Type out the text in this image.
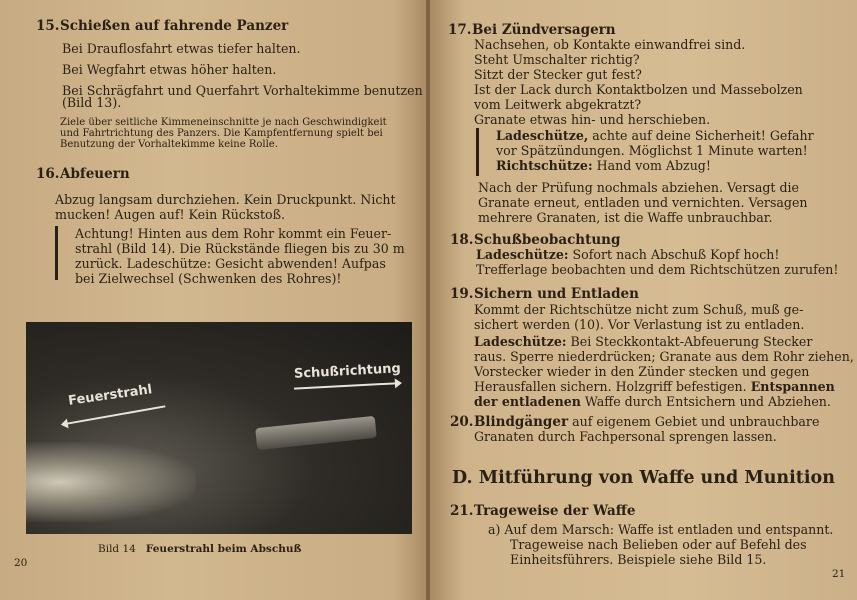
15.Schießen auf fahrende Panzer
Bei Drauflosfahrt etwas tiefer halten.
Bei Wegfahrt etwas höher halten.
Bei Schrägfahrt und Querfahrt Vorhaltekimme benutzen
(Bild 13).
Ziele über seitliche Kimmeneinschnitte je nach Geschwindigkeit
und Fahrtrichtung des Panzers. Die Kampfentfernung spielt bei
Benutzung der Vorhaltekimme keine Rolle.
16.Abfeuern
Abzug langsam durchziehen. Kein Druckpunkt. Nicht
mucken! Augen auf! Kein Rückstoß.
Achtung! Hinten aus dem Rohr kommt ein Feuer-
strahl (Bild 14). Die Rückstände fliegen bis zu 30 m
zurück. Ladeschütze: Gesicht abwenden! Aufpas
bei Zielwechsel (Schwenken des Rohres)!
Feuerstrahl
Schußrichtung
Bild 14 Feuerstrahl beim Abschuß
20
17.Bei Zündversagern
Nachsehen, ob Kontakte einwandfrei sind.
Steht Umschalter richtig?
Sitzt der Stecker gut fest?
Ist der Lack durch Kontaktbolzen und Massebolzen
vom Leitwerk abgekratzt?
Granate etwas hin- und herschieben.
Ladeschütze, achte auf deine Sicherheit! Gefahr
vor Spätzündungen. Möglichst 1 Minute warten!
Richtschütze: Hand vom Abzug!
Nach der Prüfung nochmals abziehen. Versagt die
Granate erneut, entladen und vernichten. Versagen
mehrere Granaten, ist die Waffe unbrauchbar.
18.Schußbeobachtung
Ladeschütze: Sofort nach Abschuß Kopf hoch!
Trefferlage beobachten und dem Richtschützen zurufen!
19.Sichern und Entladen
Kommt der Richtschütze nicht zum Schuß, muß ge-
sichert werden (10). Vor Verlastung ist zu entladen.
Ladeschütze: Bei Steckkontakt-Abfeuerung Stecker
raus. Sperre niederdrücken; Granate aus dem Rohr ziehen,
Vorstecker wieder in den Zünder stecken und gegen
Herausfallen sichern. Holzgriff befestigen. Entspannen
der entladenen Waffe durch Entsichern und Abziehen.
20.Blindgänger auf eigenem Gebiet und unbrauchbare
Granaten durch Fachpersonal sprengen lassen.
D. Mitführung von Waffe und Munition
21.Trageweise der Waffe
a) Auf dem Marsch: Waffe ist entladen und entspannt.
Trageweise nach Belieben oder auf Befehl des
Einheitsführers. Beispiele siehe Bild 15.
21
